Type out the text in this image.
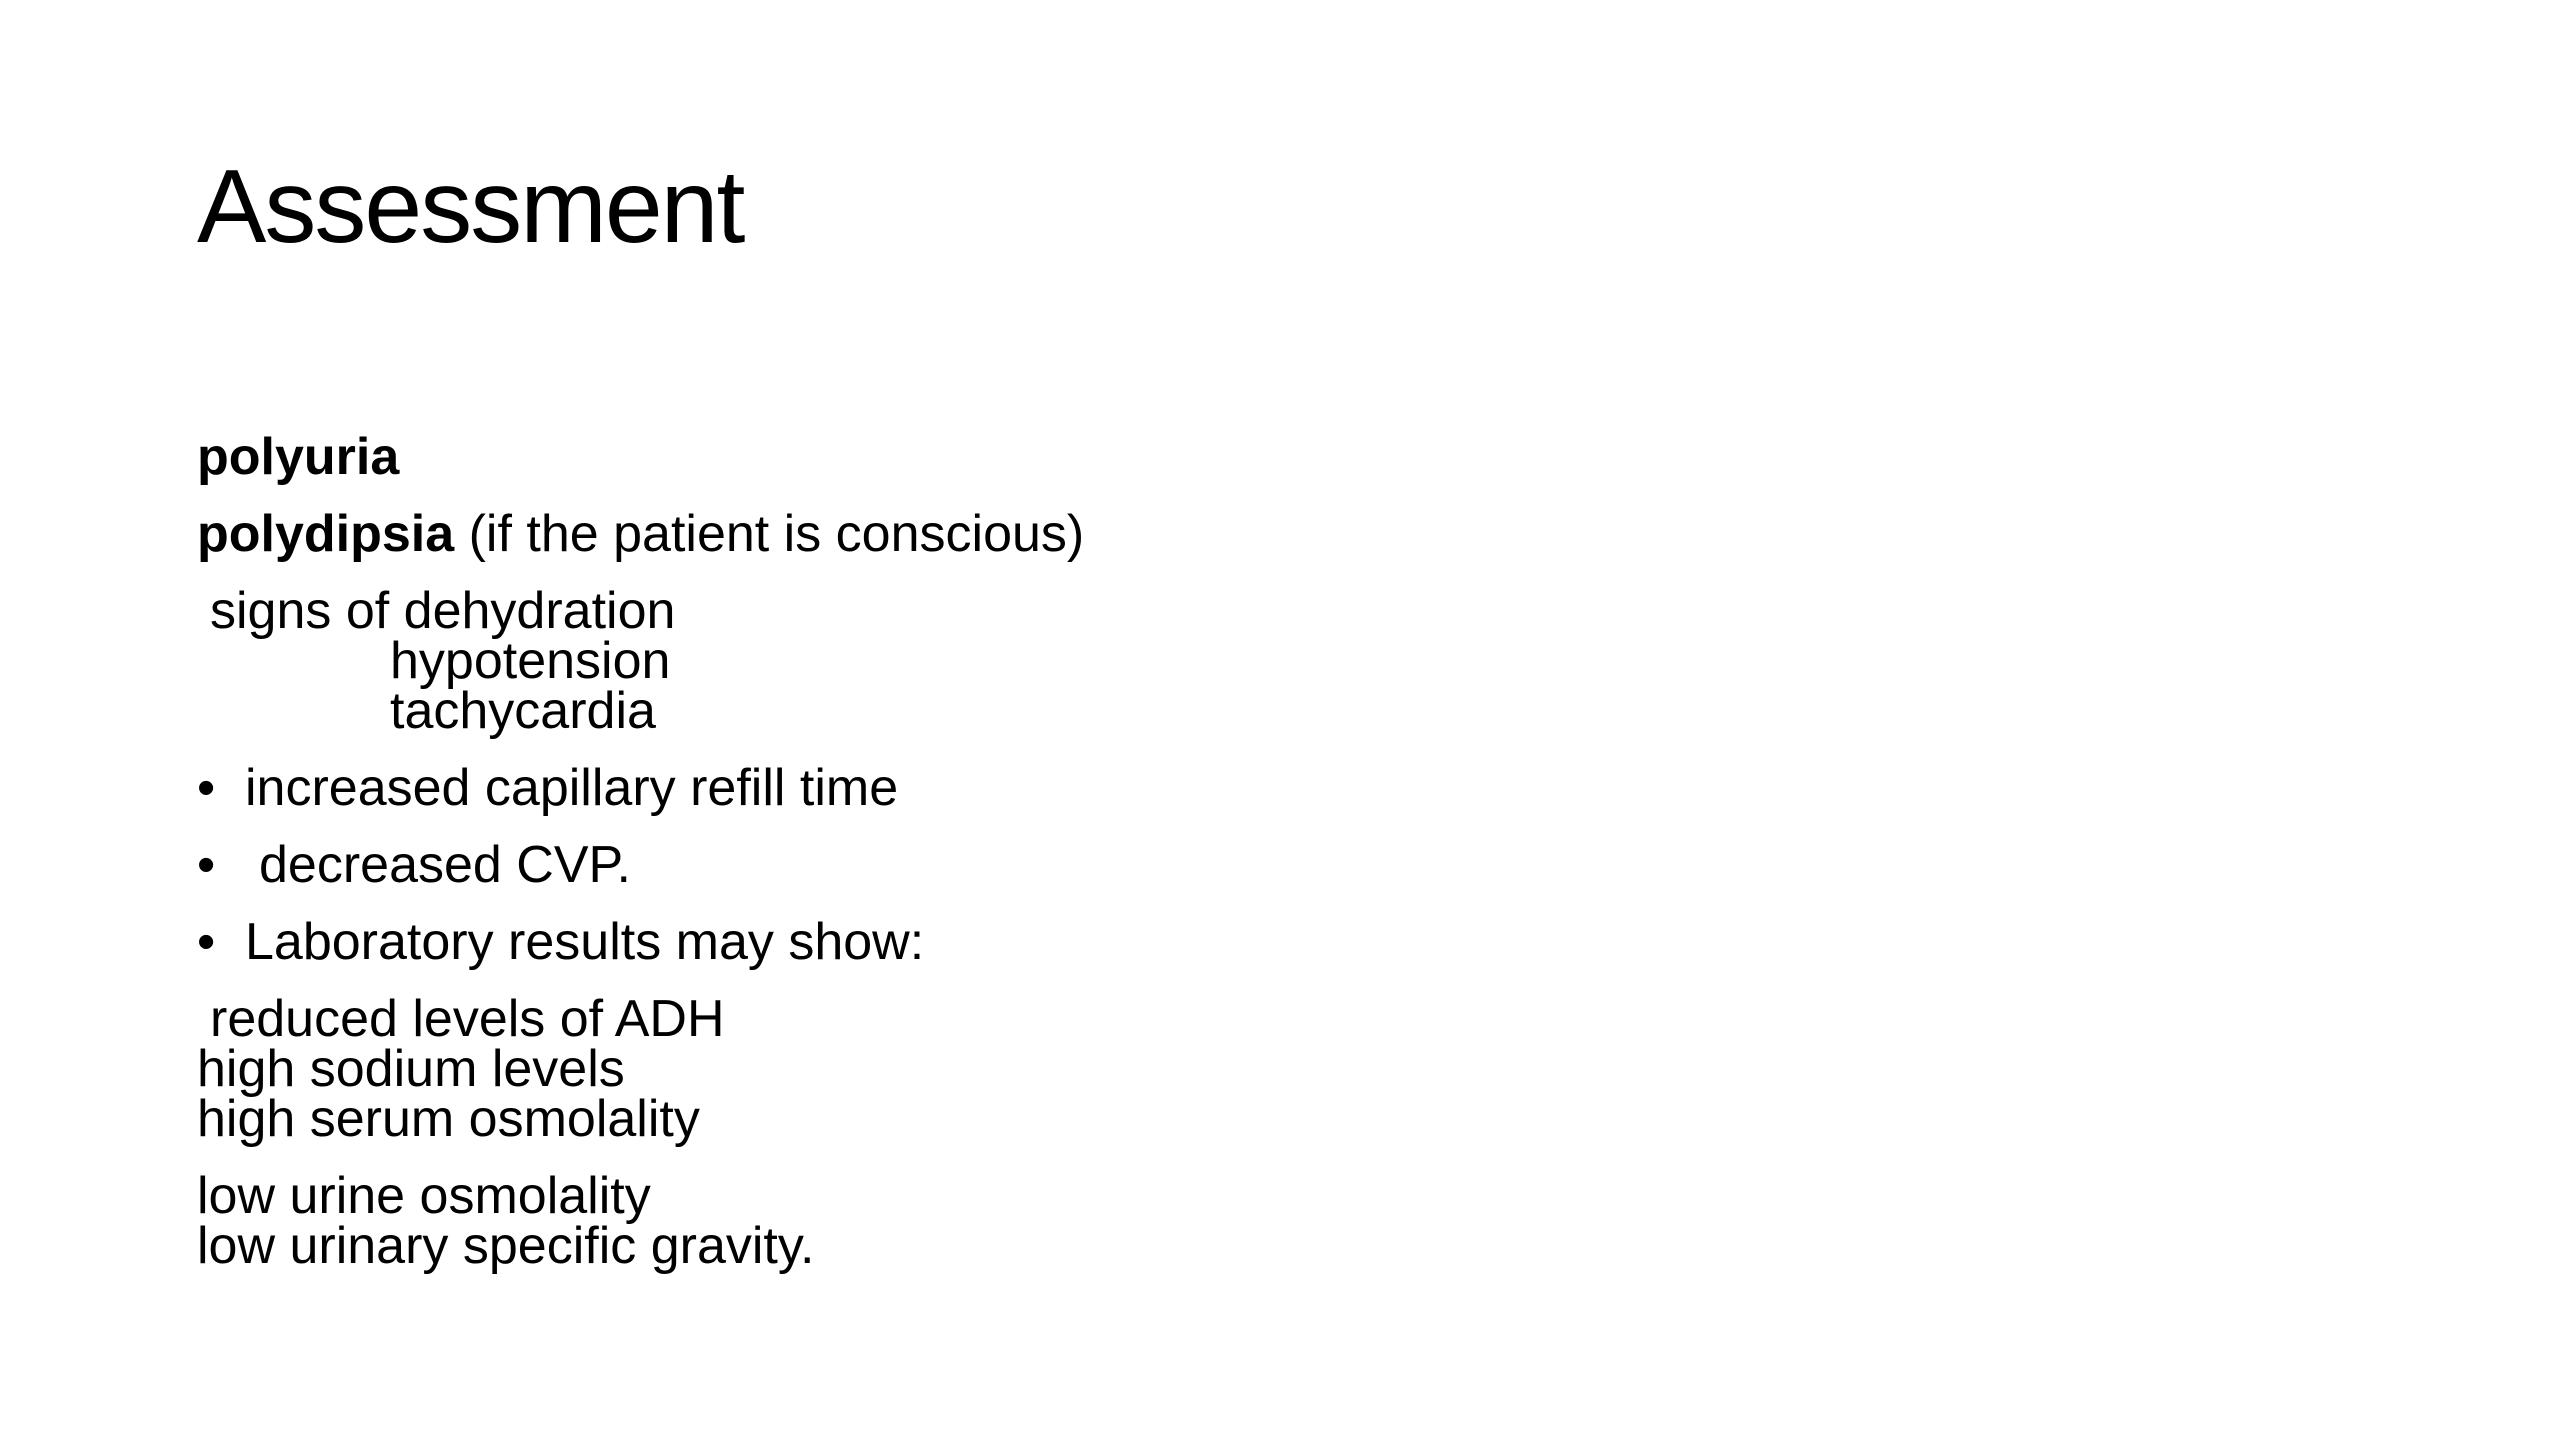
Assessment
polyuria
polydipsia (if the patient is conscious)
signs of dehydration
hypotension
tachycardia
• increased capillary refill time
• decreased CVP.
• Laboratory results may show:
reduced levels of ADH
high sodium levels
high serum osmolality
low urine osmolality
low urinary specific gravity.
